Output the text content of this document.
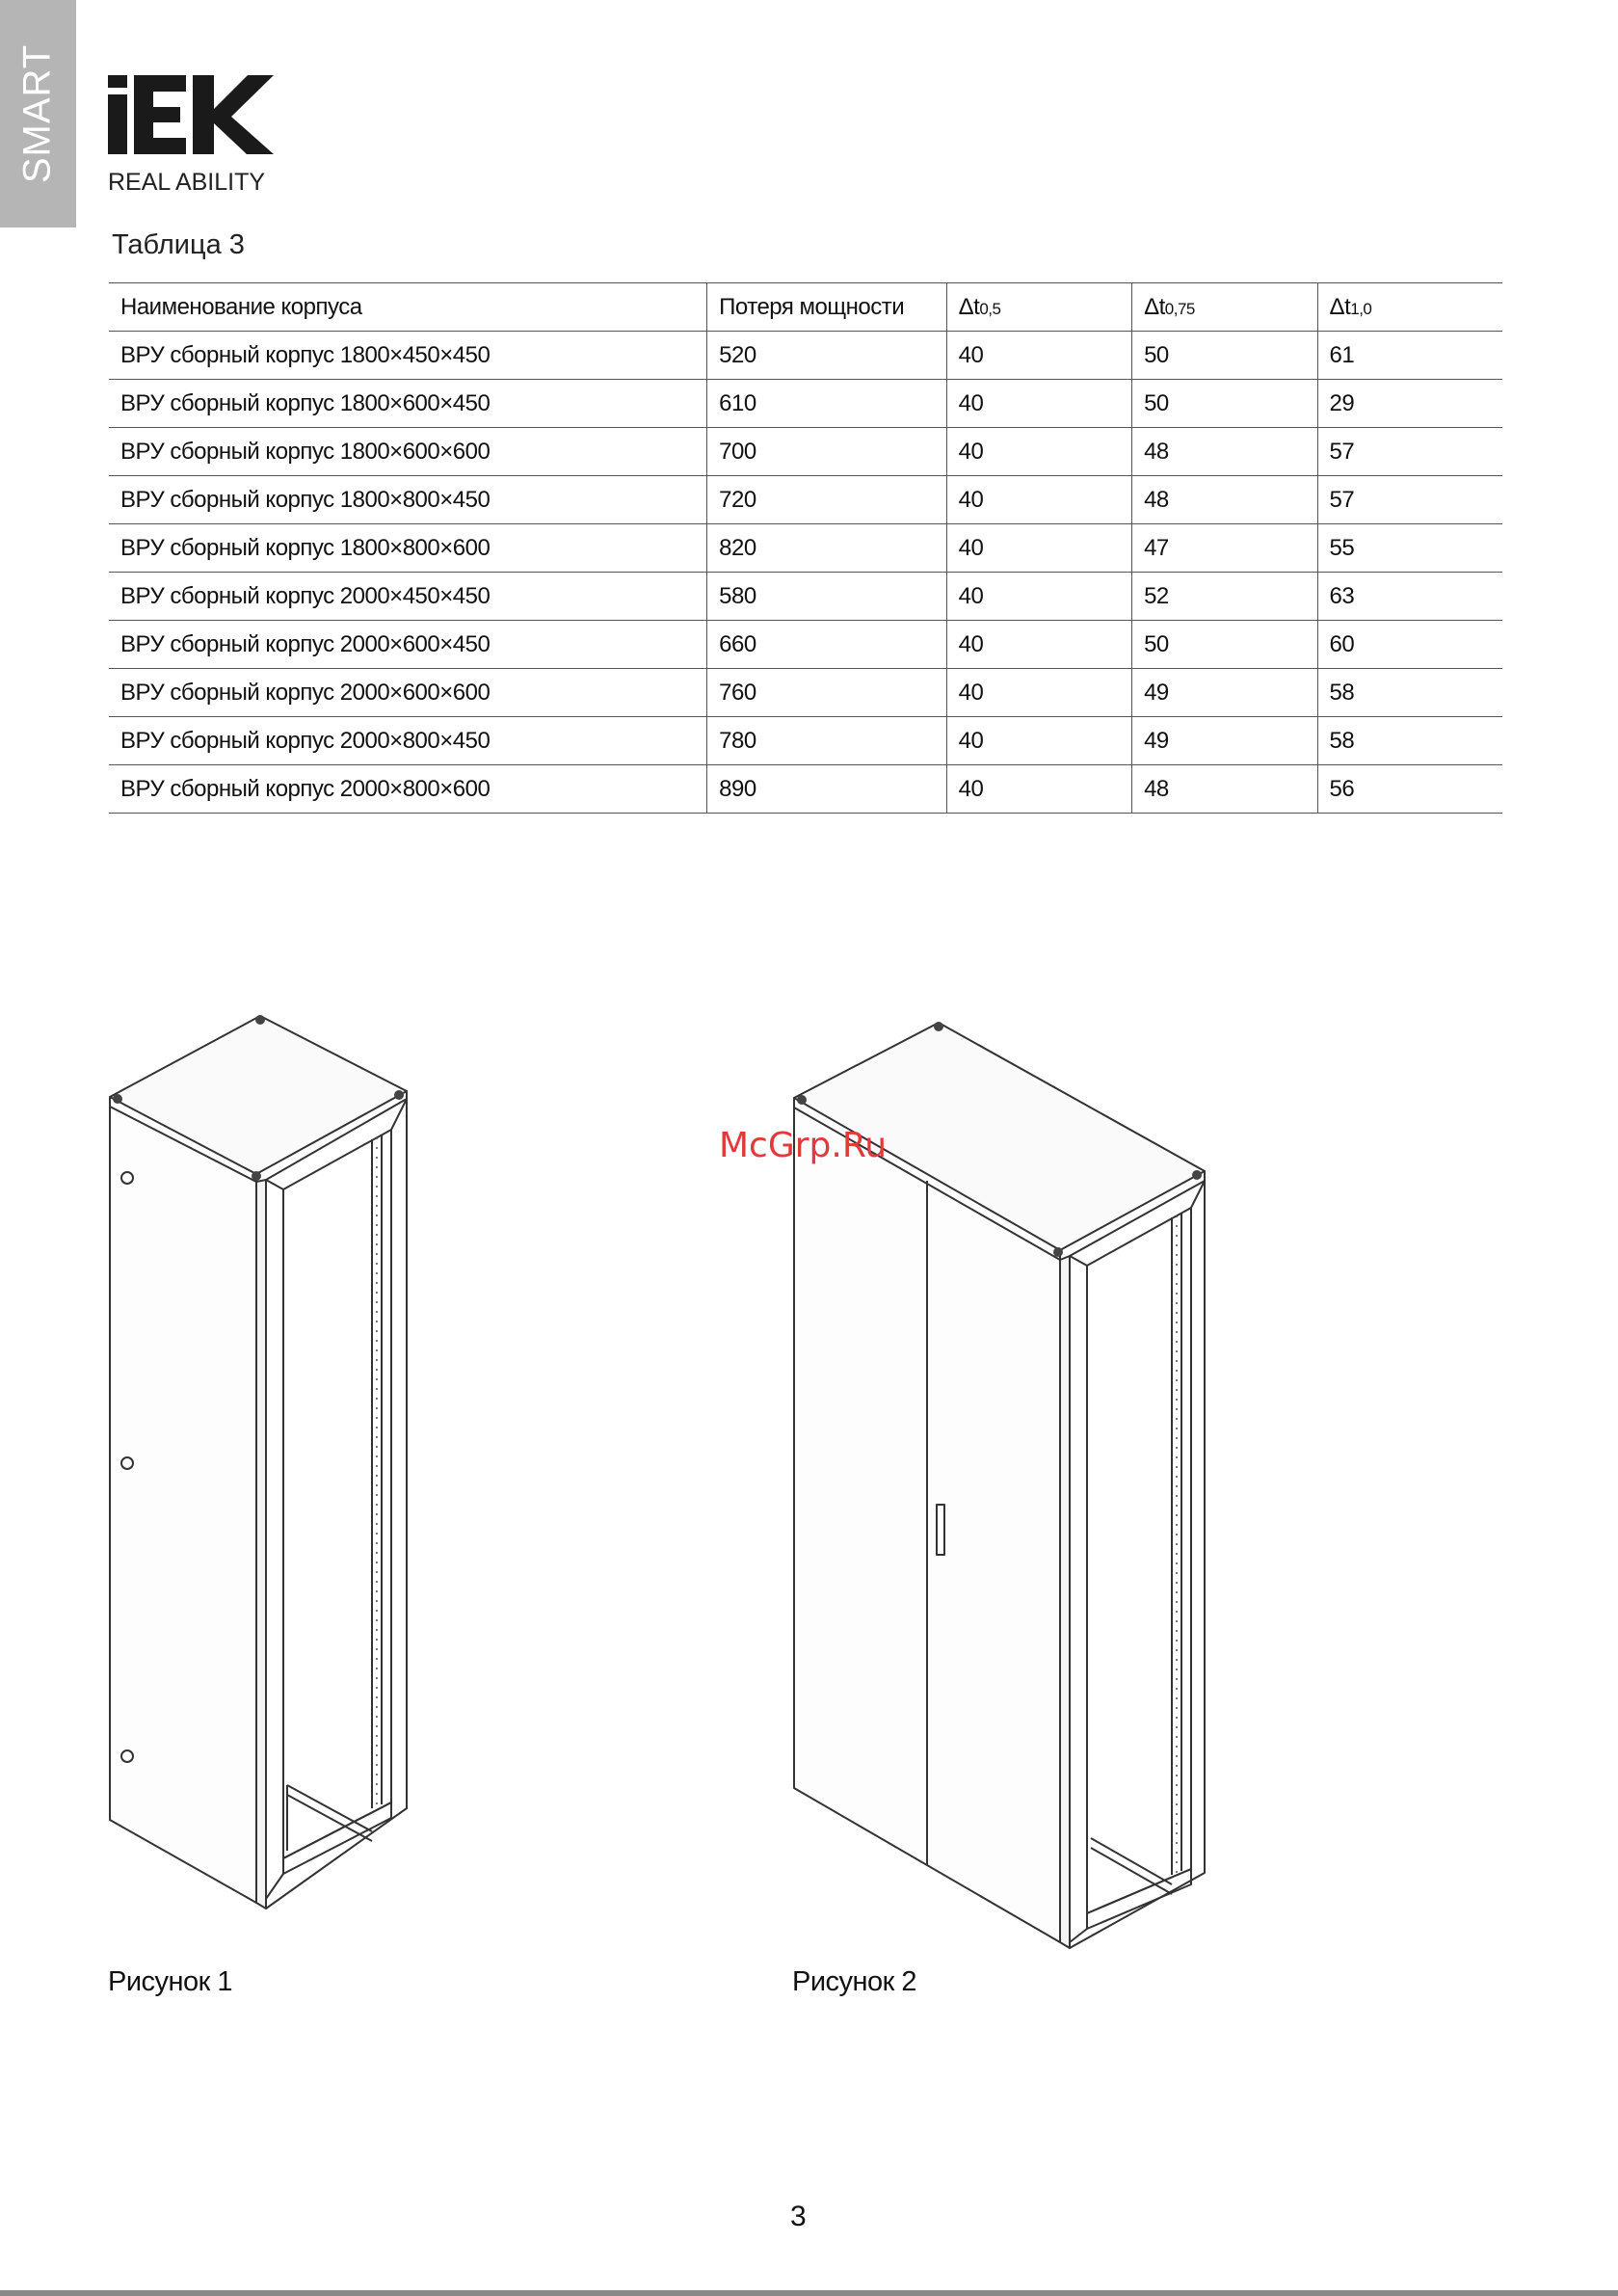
SMART REAL ABILITY
Таблица 3
Наименование корпуса	Потеря мощности	Δt0,5	Δt0,75	Δt1,0
ВРУ сборный корпус 1800×450×450	520	40	50	61
ВРУ сборный корпус 1800×600×450	610	40	50	29
ВРУ сборный корпус 1800×600×600	700	40	48	57
ВРУ сборный корпус 1800×800×450	720	40	48	57
ВРУ сборный корпус 1800×800×600	820	40	47	55
ВРУ сборный корпус 2000×450×450	580	40	52	63
ВРУ сборный корпус 2000×600×450	660	40	50	60
ВРУ сборный корпус 2000×600×600	760	40	49	58
ВРУ сборный корпус 2000×800×450	780	40	49	58
ВРУ сборный корпус 2000×800×600	890	40	48	56
Рисунок 1	Рисунок 2
McGrp.Ru
3
